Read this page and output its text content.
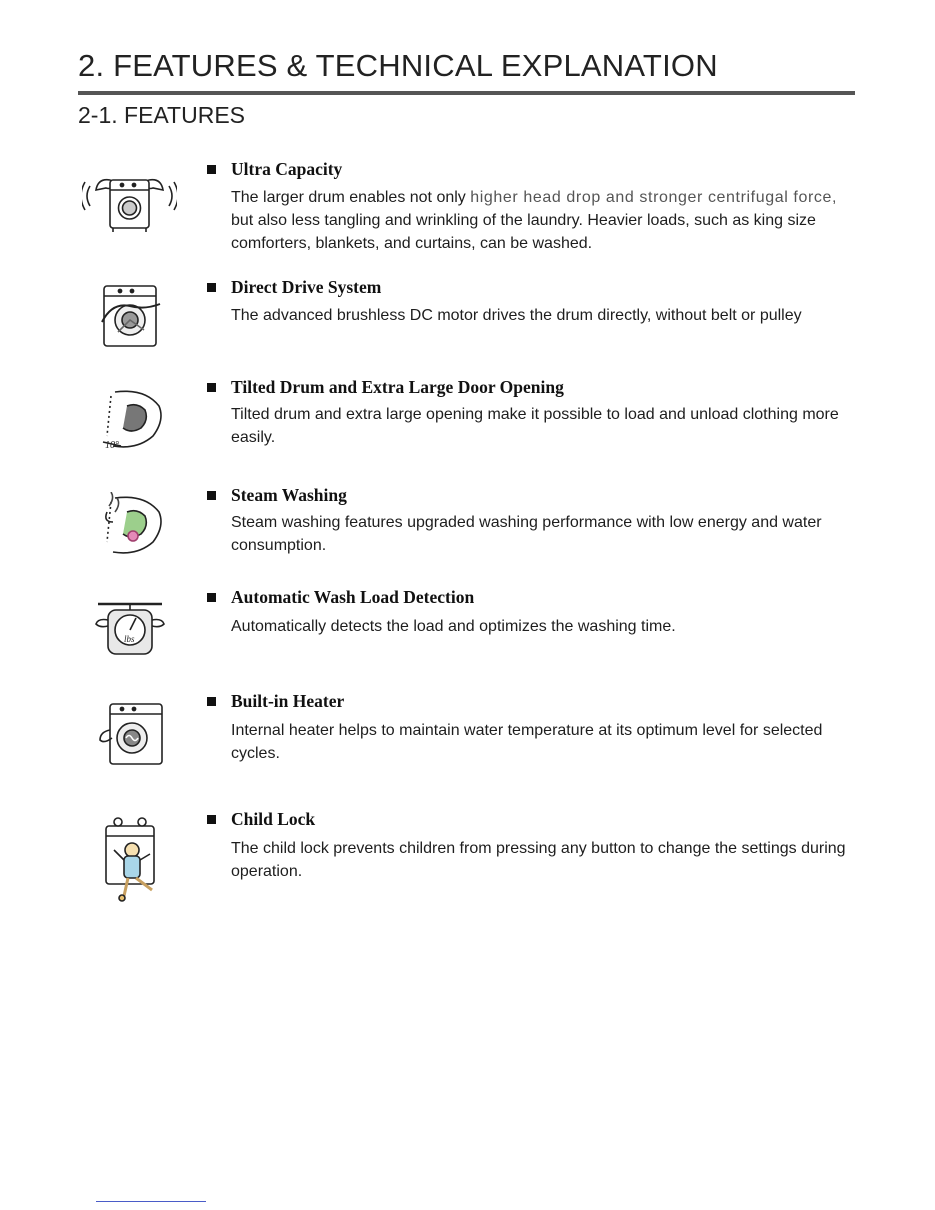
2. FEATURES & TECHNICAL EXPLANATION
2-1. FEATURES
Ultra Capacity

The larger drum enables not only higher head drop and stronger centrifugal force, but also less tangling and wrinkling of the laundry. Heavier loads, such as king size comforters, blankets, and curtains, can be washed.

Direct Drive System

The advanced brushless DC motor drives the drum directly, without belt or pulley

10°
Tilted Drum and Extra Large Door Opening

Tilted drum and extra large opening make it possible to load and unload clothing more easily.

Steam Washing

Steam washing features upgraded washing performance with low energy and water consumption.

lbs
Automatic Wash Load Detection

Automatically detects the load and optimizes the washing time.

Built-in Heater

Internal heater helps to maintain water temperature at its optimum level for selected cycles.

Child Lock

The child lock prevents children from pressing any button to change the settings during operation.
